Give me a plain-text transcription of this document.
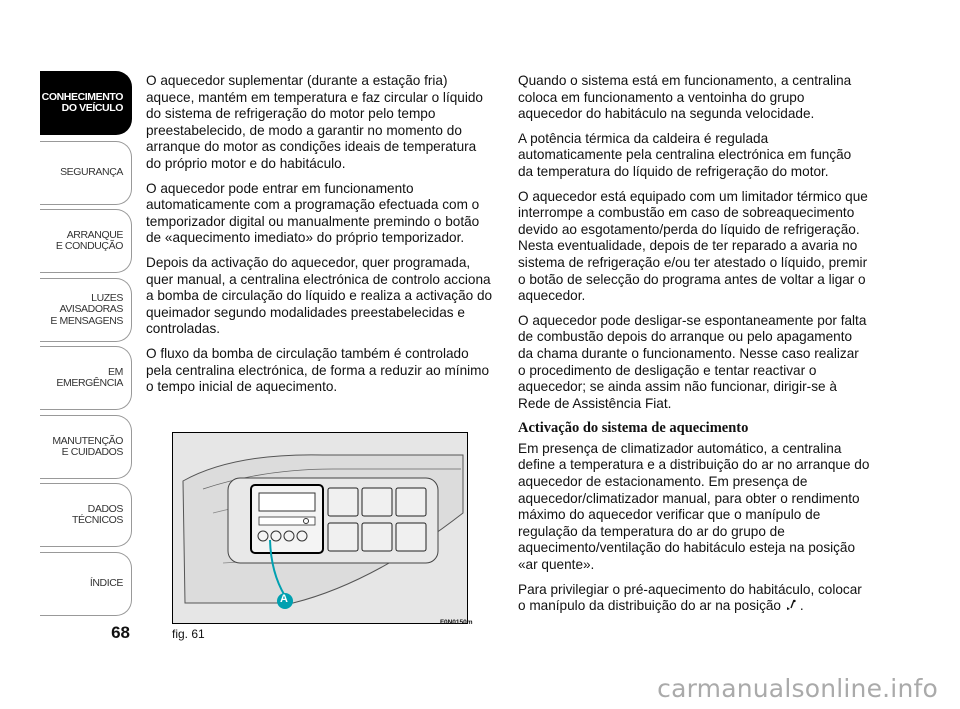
CONHECIMENTO
DO VEÍCULO
SEGURANÇA
ARRANQUE
E CONDUÇÃO
LUZES
AVISADORAS
E MENSAGENS
EM EMERGÊNCIA
MANUTENÇÃO
E CUIDADOS
DADOS
TÉCNICOS
ÍNDICE
68

O aquecedor suplementar (durante a estação fria) aquece, mantém em temperatura e faz circular o líquido do sistema de refrigeração do motor pelo tempo preestabelecido, de modo a garantir no momento do arranque do motor as condições ideais de temperatura do próprio motor e do habitáculo.

O aquecedor pode entrar em funcionamento automaticamente com a programação efectuada com o temporizador digital ou manualmente premindo o botão de «aquecimento imediato» do próprio temporizador.

Depois da activação do aquecedor, quer programada, quer manual, a centralina electrónica de controlo acciona a bomba de circulação do líquido e realiza a activação do queimador segundo modalidades preestabelecidas e controladas.

O fluxo da bomba de circulação também é controlado pela centralina electrónica, de forma a reduzir ao mínimo o tempo inicial de aquecimento.

Quando o sistema está em funcionamento, a centralina coloca em funcionamento a ventoinha do grupo aquecedor do habitáculo na segunda velocidade.

A potência térmica da caldeira é regulada automaticamente pela centralina electrónica em função da temperatura do líquido de refrigeração do motor.

O aquecedor está equipado com um limitador térmico que interrompe a combustão em caso de sobreaquecimento devido ao esgotamento/perda do líquido de refrigeração. Nesta eventualidade, depois de ter reparado a avaria no sistema de refrigeração e/ou ter atestado o líquido, premir o botão de selecção do programa antes de voltar a ligar o aquecedor.

O aquecedor pode desligar-se espontaneamente por falta de combustão depois do arranque ou pelo apagamento da chama durante o funcionamento. Nesse caso realizar o procedimento de desligação e tentar reactivar o aquecedor; se ainda assim não funcionar, dirigir-se à Rede de Assistência Fiat.

Activação do sistema de aquecimento

Em presença de climatizador automático, a centralina define a temperatura e a distribuição do ar no arranque do aquecedor de estacionamento. Em presença de aquecedor/climatizador manual, para obter o rendimento máximo do aquecedor verificar que o manípulo de regulação da temperatura do ar do grupo de aquecimento/ventilação do habitáculo esteja na posição «ar quente».

Para privilegiar o pré-aquecimento do habitáculo, colocar o manípulo da distribuição do ar na posição .

A
fig. 61
F0N0150m
carmanualsonline.info
